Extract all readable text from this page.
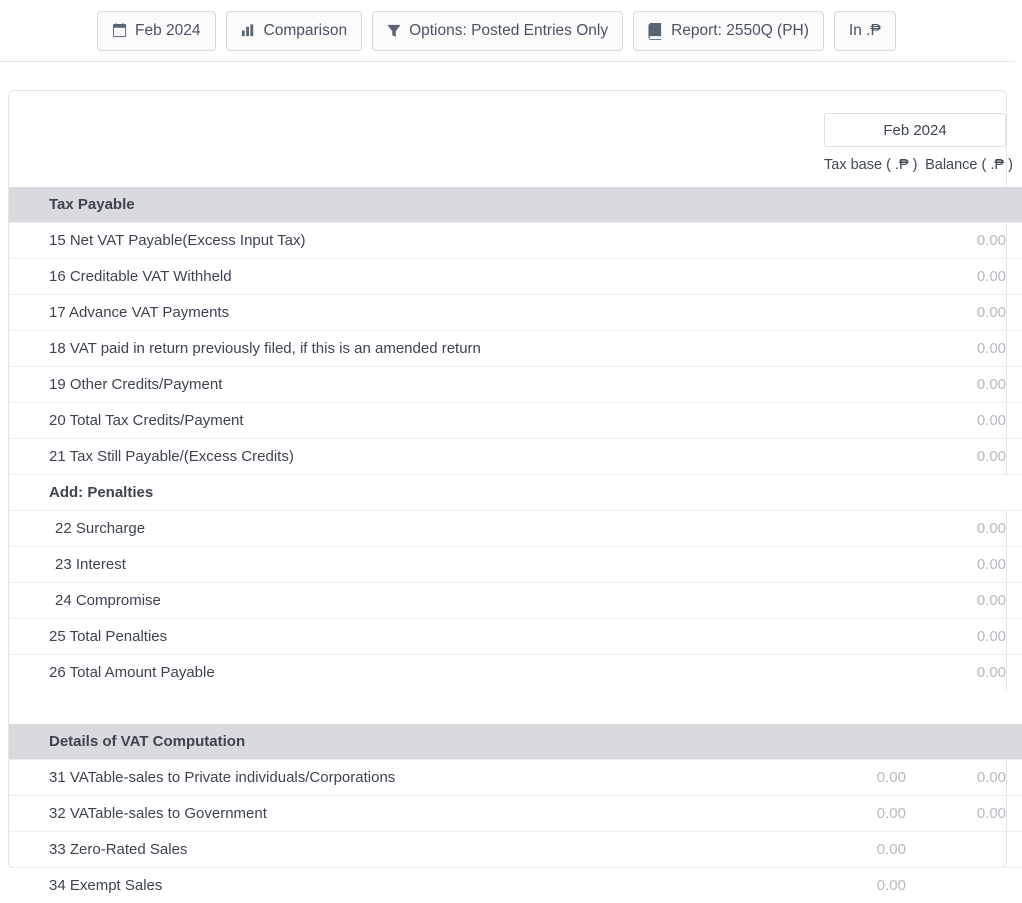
Feb 2024	Comparison	Options: Posted Entries Only	Report: 2550Q (PH)	In .₱

	Feb 2024	

	Tax base ( .₱ )	Balance ( .₱ )
Tax Payable		
15 Net VAT Payable(Excess Input Tax)		0.00
16 Creditable VAT Withheld		0.00
17 Advance VAT Payments		0.00
18 VAT paid in return previously filed, if this is an amended return		0.00
19 Other Credits/Payment		0.00
20 Total Tax Credits/Payment		0.00
21 Tax Still Payable/(Excess Credits)		0.00
Add: Penalties		
22 Surcharge		0.00
23 Interest		0.00
24 Compromise		0.00
25 Total Penalties		0.00
26 Total Amount Payable		0.00

Details of VAT Computation		
31 VATable-sales to Private individuals/Corporations	0.00	0.00
32 VATable-sales to Government	0.00	0.00
33 Zero-Rated Sales	0.00	
34 Exempt Sales	0.00	
